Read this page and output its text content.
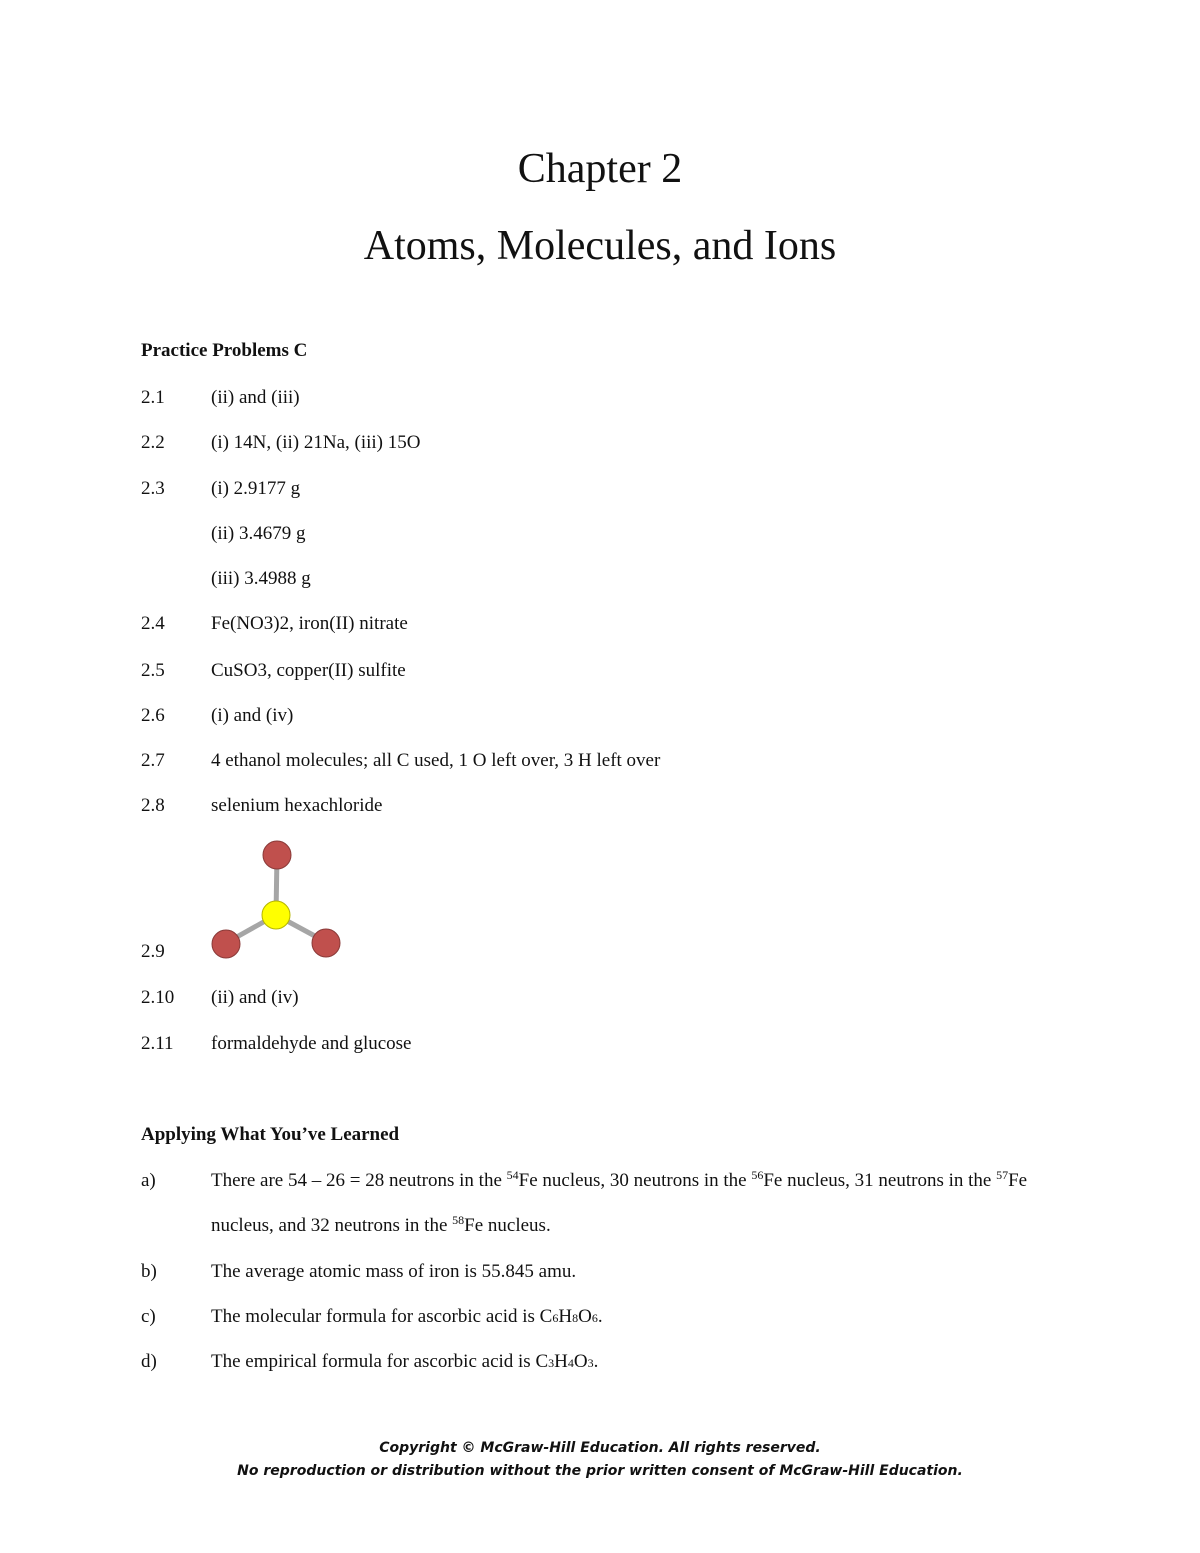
Chapter 2
Atoms, Molecules, and Ions
Practice Problems C
2.1 (ii) and (iii)
2.2 (i) 14N, (ii) 21Na, (iii) 15O
2.3 (i) 2.9177 g
(ii) 3.4679 g
(iii) 3.4988 g
2.4 Fe(NO3)2, iron(II) nitrate
2.5 CuSO3, copper(II) sulfite
2.6 (i) and (iv)
2.7 4 ethanol molecules; all C used, 1 O left over, 3 H left over
2.8 selenium hexachloride
2.9
2.10 (ii) and (iv)
2.11 formaldehyde and glucose
Applying What You’ve Learned
a)	There are 54 – 26 = 28 neutrons in the $^{54}$Fe nucleus, 30 neutrons in the $^{56}$Fe nucleus, 31 neutrons in the $^{57}$Fe
nucleus, and 32 neutrons in the $^{58}$Fe nucleus.
b)	The average atomic mass of iron is 55.845 amu.
c)	The molecular formula for ascorbic acid is C6H8O6.
d)	The empirical formula for ascorbic acid is C3H4O3.
Copyright © McGraw-Hill Education. All rights reserved.
No reproduction or distribution without the prior written consent of McGraw-Hill Education.
